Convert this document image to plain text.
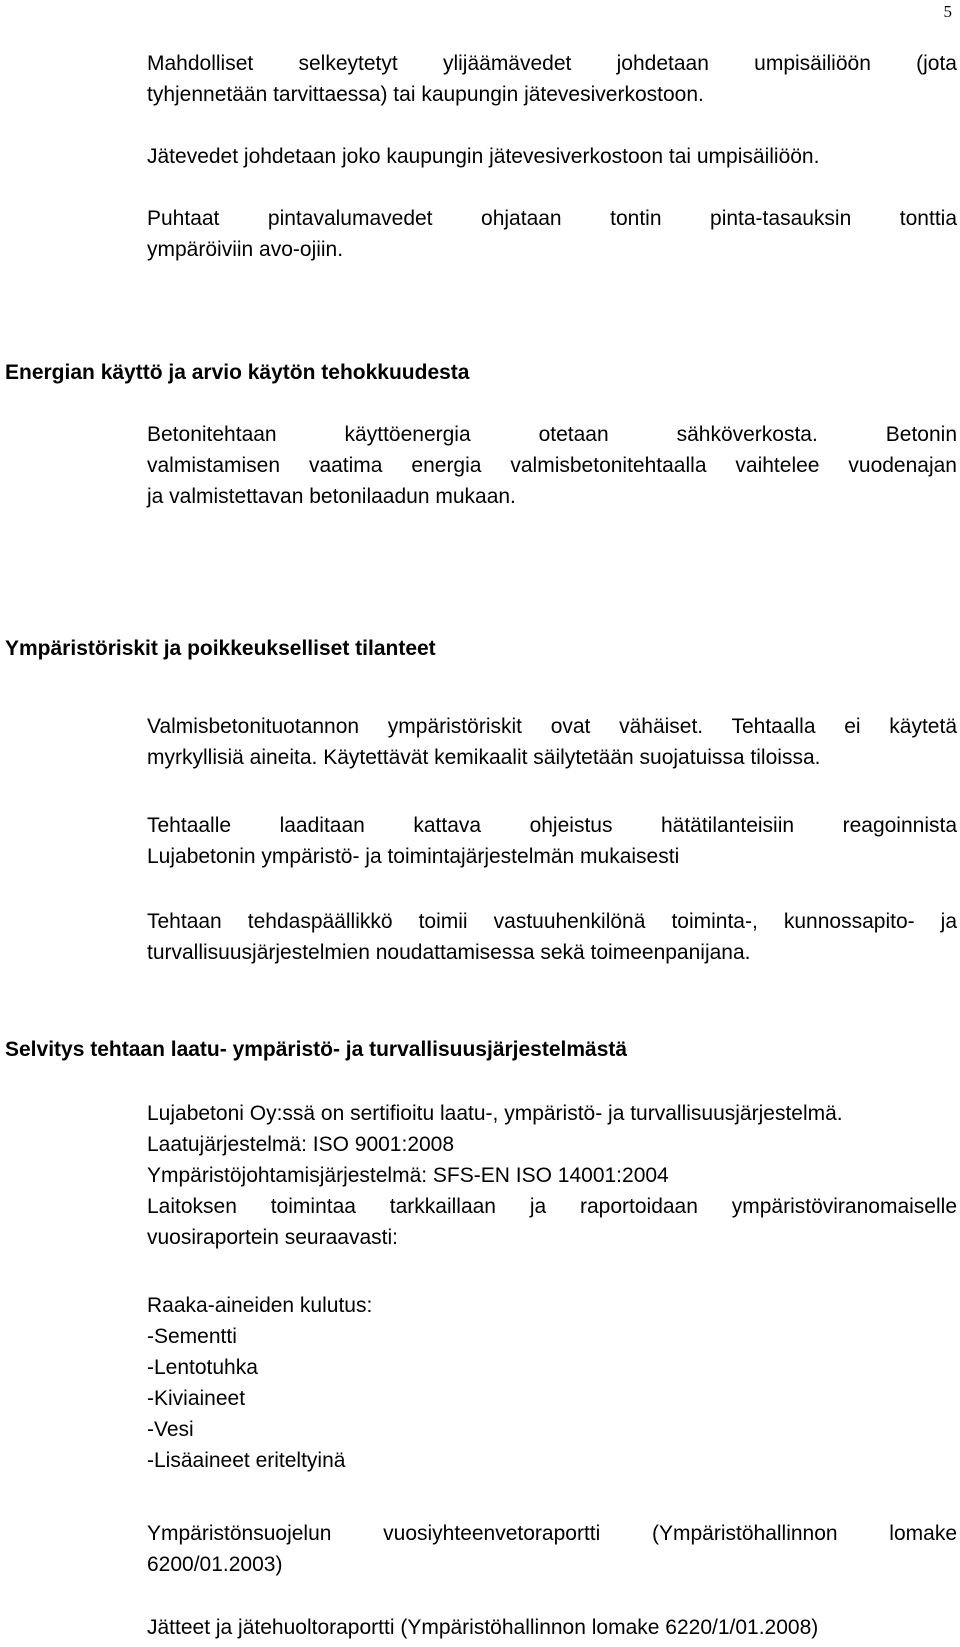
5
Mahdolliset selkeytetyt ylijäämävedet johdetaan umpisäiliöön (jota
tyhjennetään tarvittaessa) tai kaupungin jätevesiverkostoon.
Jätevedet johdetaan joko kaupungin jätevesiverkostoon tai umpisäiliöön.
Puhtaat pintavalumavedet ohjataan tontin pinta-tasauksin tonttia
ympäröiviin avo-ojiin.
Energian käyttö ja arvio käytön tehokkuudesta
Betonitehtaan käyttöenergia otetaan sähköverkosta. Betonin
valmistamisen vaatima energia valmisbetonitehtaalla vaihtelee vuodenajan
ja valmistettavan betonilaadun mukaan.
Ympäristöriskit ja poikkeukselliset tilanteet
Valmisbetonituotannon ympäristöriskit ovat vähäiset. Tehtaalla ei käytetä
myrkyllisiä aineita. Käytettävät kemikaalit säilytetään suojatuissa tiloissa.
Tehtaalle laaditaan kattava ohjeistus hätätilanteisiin reagoinnista
Lujabetonin ympäristö- ja toimintajärjestelmän mukaisesti
Tehtaan tehdaspäällikkö toimii vastuuhenkilönä toiminta-, kunnossapito- ja
turvallisuusjärjestelmien noudattamisessa sekä toimeenpanijana.
Selvitys tehtaan laatu- ympäristö- ja turvallisuusjärjestelmästä
Lujabetoni Oy:ssä on sertifioitu laatu-, ympäristö- ja turvallisuusjärjestelmä.
Laatujärjestelmä: ISO 9001:2008
Ympäristöjohtamisjärjestelmä: SFS-EN ISO 14001:2004
Laitoksen toimintaa tarkkaillaan ja raportoidaan ympäristöviranomaiselle
vuosiraportein seuraavasti:
Raaka-aineiden kulutus:
-Sementti
-Lentotuhka
-Kiviaineet
-Vesi
-Lisäaineet eriteltyinä
Ympäristönsuojelun vuosiyhteenvetoraportti (Ympäristöhallinnon lomake
6200/01.2003)
Jätteet ja jätehuoltoraportti (Ympäristöhallinnon lomake 6220/1/01.2008)
